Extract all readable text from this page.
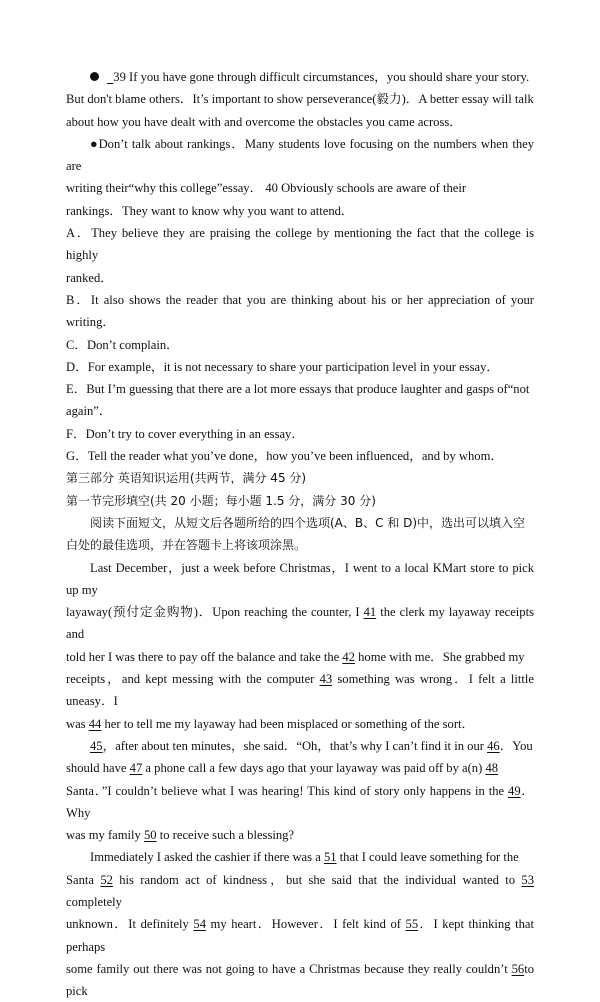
39 If you have gone through difficult circumstances，you should share your story.
But don't blame others．It’s important to show perseverance(毅力)．A better essay will talk
about how you have dealt with and overcome the obstacles you came across．

●Don’t talk about rankings．Many students love focusing on the numbers when they are
writing their“why this college”essay． 40 Obviously schools are aware of their
rankings．They want to know why you want to attend．

A．They believe they are praising the college by mentioning the fact that the college is highly
ranked．
B．It also shows the reader that you are thinking about his or her appreciation of your writing．
C．Don’t complain．
D．For example，it is not necessary to share your participation level in your essay．
E．But I’m guessing that there are a lot more essays that produce laughter and gasps of“not
again”．
F．Don’t try to cover everything in an essay．
G．Tell the reader what you’ve done，how you’ve been influenced，and by whom．

第三部分 英语知识运用(共两节，满分 45 分)
第一节完形填空(共 20 小题；每小题 1.5 分，满分 30 分)

阅读下面短文，从短文后各题所给的四个选项(A、B、C 和 D)中，选出可以填入空
白处的最佳选项，并在答题卡上将该项涂黑。

Last December，just a week before Christmas，I went to a local KMart store to pick up my
layaway(预付定金购物)．Upon reaching the counter, I 41 the clerk my layaway receipts and
told her I was there to pay off the balance and take the 42 home with me．She grabbed my
receipts，and kept messing with the computer 43 something was wrong．I felt a little uneasy．I
was 44 her to tell me my layaway had been misplaced or something of the sort．

45，after about ten minutes，she said．“Oh，that’s why I can’t find it in our 46．You
should have 47 a phone call a few days ago that your layaway was paid off by a(n) 48
Santa．”I couldn’t believe what I was hearing! This kind of story only happens in the 49．Why
was my family 50 to receive such a blessing?

Immediately I asked the cashier if there was a 51 that I could leave something for the
Santa 52 his random act of kindness，but she said that the individual wanted to 53 completely
unknown．It definitely 54 my heart．However．I felt kind of 55．I kept thinking that perhaps
some family out there was not going to have a Christmas because they really couldn’t 56to pick
